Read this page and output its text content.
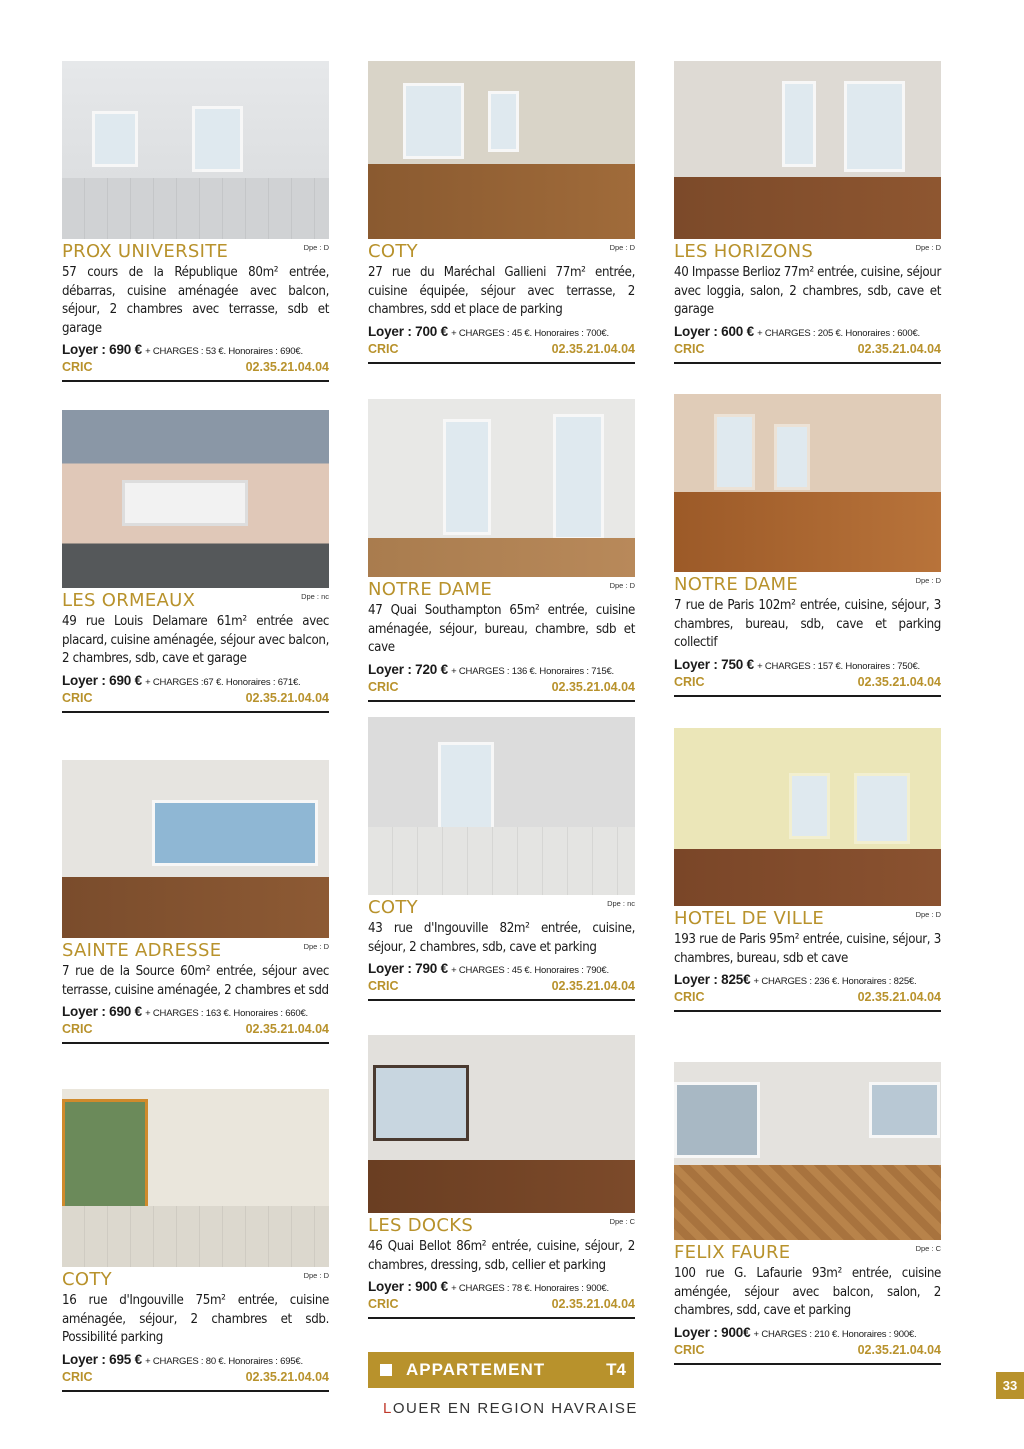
PROX UNIVERSITE	Dpe : D
57 cours de la République 80m² entrée, débarras, cuisine aménagée avec balcon, séjour, 2 chambres avec terrasse, sdb et garage
Loyer : 690 € + CHARGES : 53 €. Honoraires : 690€.
CRIC	02.35.21.04.04
LES ORMEAUX	Dpe : nc
49 rue Louis Delamare 61m² entrée avec placard, cuisine aménagée, séjour avec balcon, 2 chambres, sdb, cave et garage
Loyer : 690 € + CHARGES :67 €. Honoraires : 671€.
CRIC	02.35.21.04.04
SAINTE ADRESSE	Dpe : D
7 rue de la Source 60m² entrée, séjour avec terrasse, cuisine aménagée, 2 chambres et sdd
Loyer : 690 € + CHARGES : 163 €. Honoraires : 660€.
CRIC	02.35.21.04.04
COTY	Dpe : D
16 rue d'Ingouville 75m² entrée, cuisine aménagée, séjour, 2 chambres et sdb. Possibilité parking
Loyer : 695 € + CHARGES : 80 €. Honoraires : 695€.
CRIC	02.35.21.04.04
COTY	Dpe : D
27 rue du Maréchal Gallieni 77m² entrée, cuisine équipée, séjour avec terrasse, 2 chambres, sdd et place de parking
Loyer : 700 € + CHARGES : 45 €. Honoraires : 700€.
CRIC	02.35.21.04.04
NOTRE DAME	Dpe : D
47 Quai Southampton 65m² entrée, cuisine aménagée, séjour, bureau, chambre, sdb et cave
Loyer : 720 € + CHARGES : 136 €. Honoraires : 715€.
CRIC	02.35.21.04.04
COTY	Dpe : nc
43 rue d'Ingouville 82m² entrée, cuisine, séjour, 2 chambres, sdb, cave et parking
Loyer : 790 € + CHARGES : 45 €. Honoraires : 790€.
CRIC	02.35.21.04.04
LES DOCKS	Dpe : C
46 Quai Bellot 86m² entrée, cuisine, séjour, 2 chambres, dressing, sdb, cellier et parking
Loyer : 900 € + CHARGES : 78 €. Honoraires : 900€.
CRIC	02.35.21.04.04
LES HORIZONS	Dpe : D
40 Impasse Berlioz 77m² entrée, cuisine, séjour avec loggia, salon, 2 chambres, sdb, cave et garage
Loyer : 600 € + CHARGES : 205 €. Honoraires : 600€.
CRIC	02.35.21.04.04
NOTRE DAME	Dpe : D
7 rue de Paris 102m² entrée, cuisine, séjour, 3 chambres, bureau, sdb, cave et parking collectif
Loyer : 750 € + CHARGES : 157 €. Honoraires : 750€.
CRIC	02.35.21.04.04
HOTEL DE VILLE	Dpe : D
193 rue de Paris 95m² entrée, cuisine, séjour, 3 chambres, bureau, sdb et cave
Loyer : 825€ + CHARGES : 236 €. Honoraires : 825€.
CRIC	02.35.21.04.04
FELIX FAURE	Dpe : C
100 rue G. Lafaurie 93m² entrée, cuisine améngée, séjour avec balcon, salon, 2 chambres, sdd, cave et parking
Loyer : 900€ + CHARGES : 210 €. Honoraires : 900€.
CRIC	02.35.21.04.04
APPARTEMENT	T4
LOUER EN REGION HAVRAISE
33
